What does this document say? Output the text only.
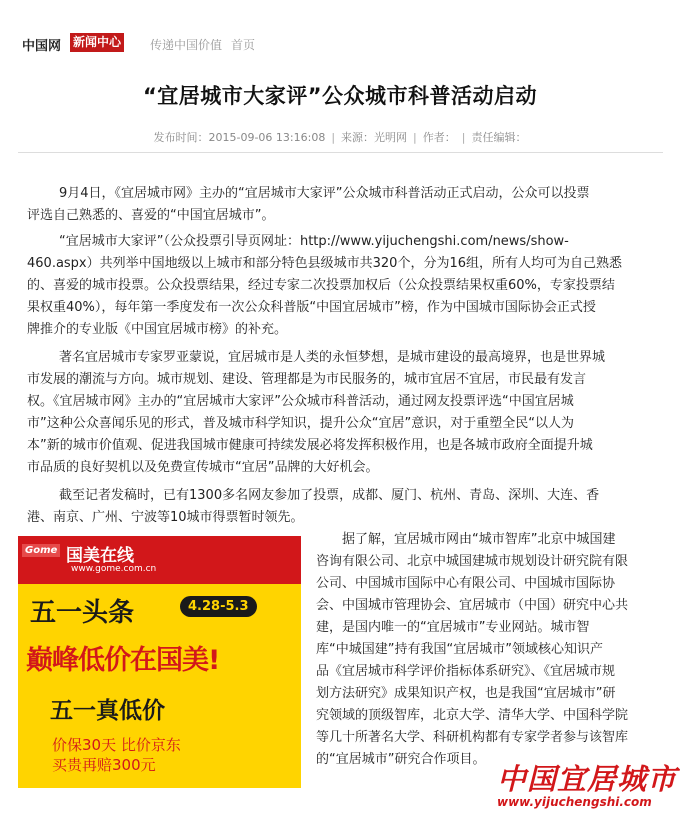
中国网 新闻中心 传递中国价值 首页
“宜居城市大家评”公众城市科普活动启动
发布时间：2015-09-06 13:16:08 | 来源：光明网 | 作者： | 责任编辑：
9月4日，《宜居城市网》主办的“宜居城市大家评”公众城市科普活动正式启动，公众可以投票
评选自己熟悉的、喜爱的“中国宜居城市”。
“宜居城市大家评”（公众投票引导页网址：http://www.yijuchengshi.com/news/show-
460.aspx）共列举中国地级以上城市和部分特色县级城市共320个，分为16组，所有人均可为自己熟悉
的、喜爱的城市投票。公众投票结果，经过专家二次投票加权后（公众投票结果权重60%，专家投票结
果权重40%），每年第一季度发布一次公众科普版“中国宜居城市”榜，作为中国城市国际协会正式授
牌推介的专业版《中国宜居城市榜》的补充。
著名宜居城市专家罗亚蒙说，宜居城市是人类的永恒梦想，是城市建设的最高境界，也是世界城
市发展的潮流与方向。城市规划、建设、管理都是为市民服务的，城市宜居不宜居，市民最有发言
权。《宜居城市网》主办的“宜居城市大家评”公众城市科普活动，通过网友投票评选“中国宜居城
市”这种公众喜闻乐见的形式，普及城市科学知识，提升公众“宜居”意识，对于重塑全民“以人为
本”新的城市价值观、促进我国城市健康可持续发展必将发挥积极作用，也是各城市政府全面提升城
市品质的良好契机以及免费宣传城市“宜居”品牌的大好机会。
截至记者发稿时，已有1300多名网友参加了投票，成都、厦门、杭州、青岛、深圳、大连、香
港、南京、广州、宁波等10城市得票暂时领先。
Gome 国美在线
www.gome.com.cn
五一头条	4.28-5.3
巅峰低价在国美!
五一真低价
价保30天 比价京东
买贵再赔300元
据了解，宜居城市网由“城市智库”北京中城国建
咨询有限公司、北京中城国建城市规划设计研究院有限
公司、中国城市国际中心有限公司、中国城市国际协
会、中国城市管理协会、宜居城市（中国）研究中心共
建，是国内唯一的“宜居城市”专业网站。城市智
库“中城国建”持有我国“宜居城市”领域核心知识产
品《宜居城市科学评价指标体系研究》、《宜居城市规
划方法研究》成果知识产权，也是我国“宜居城市”研
究领域的顶级智库，北京大学、清华大学、中国科学院
等几十所著名大学、科研机构都有专家学者参与该智库
的“宜居城市”研究合作项目。
中国宜居城市
www.yijuchengshi.com
